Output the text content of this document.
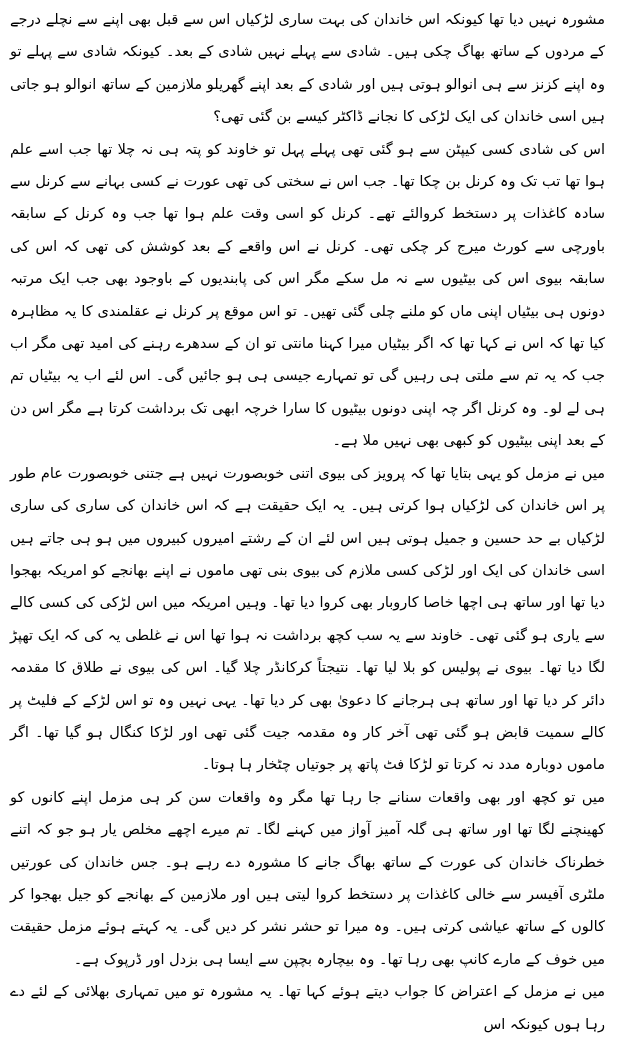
مشورہ نہیں دیا تھا کیونکہ اس خاندان کی بہت ساری لڑکیاں اس سے قبل بھی اپنے سے نچلے درجے کے مردوں کے ساتھ بھاگ چکی ہیں۔ شادی سے پہلے نہیں شادی کے بعد۔ کیونکہ شادی سے پہلے تو وہ اپنے کزنز سے ہی انوالو ہوتی ہیں اور شادی کے بعد اپنے گھریلو ملازمین کے ساتھ انوالو ہو جاتی ہیں اسی خاندان کی ایک لڑکی کا نجانے ڈاکٹر کیسے بن گئی تھی؟

اس کی شادی کسی کیپٹن سے ہو گئی تھی پہلے پہل تو خاوند کو پتہ ہی نہ چلا تھا جب اسے علم ہوا تھا تب تک وہ کرنل بن چکا تھا۔ جب اس نے سختی کی تھی عورت نے کسی بہانے سے کرنل سے سادہ کاغذات پر دستخط کروالئے تھے۔ کرنل کو اسی وقت علم ہوا تھا جب وہ کرنل کے سابقہ باورچی سے کورٹ میرج کر چکی تھی۔ کرنل نے اس واقعے کے بعد کوشش کی تھی کہ اس کی سابقہ بیوی اس کی بیٹیوں سے نہ مل سکے مگر اس کی پابندیوں کے باوجود بھی جب ایک مرتبہ دونوں ہی بیٹیاں اپنی ماں کو ملنے چلی گئی تھیں۔ تو اس موقع پر کرنل نے عقلمندی کا یہ مظاہرہ کیا تھا کہ اس نے کہا تھا کہ اگر بیٹیاں میرا کہنا مانتی تو ان کے سدھرے رہنے کی امید تھی مگر اب جب کہ یہ تم سے ملتی ہی رہیں گی تو تمہارے جیسی ہی ہو جائیں گی۔ اس لئے اب یہ بیٹیاں تم ہی لے لو۔ وہ کرنل اگر چہ اپنی دونوں بیٹیوں کا سارا خرچہ ابھی تک برداشت کرتا ہے مگر اس دن کے بعد اپنی بیٹیوں کو کبھی بھی نہیں ملا ہے۔

میں نے مزمل کو یہی بتایا تھا کہ پرویز کی بیوی اتنی خوبصورت نہیں ہے جتنی خوبصورت عام طور پر اس خاندان کی لڑکیاں ہوا کرتی ہیں۔ یہ ایک حقیقت ہے کہ اس خاندان کی ساری کی ساری لڑکیاں بے حد حسین و جمیل ہوتی ہیں اس لئے ان کے رشتے امیروں کبیروں میں ہو ہی جاتے ہیں اسی خاندان کی ایک اور لڑکی کسی ملازم کی بیوی بنی تھی ماموں نے اپنے بھانجے کو امریکہ بھجوا دیا تھا اور ساتھ ہی اچھا خاصا کاروبار بھی کروا دیا تھا۔ وہیں امریکہ میں اس لڑکی کی کسی کالے سے یاری ہو گئی تھی۔ خاوند سے یہ سب کچھ برداشت نہ ہوا تھا اس نے غلطی یہ کی کہ ایک تھپڑ لگا دیا تھا۔ بیوی نے پولیس کو بلا لیا تھا۔ نتیجتاً کرکانڈر چلا گیا۔ اس کی بیوی نے طلاق کا مقدمہ دائر کر دیا تھا اور ساتھ ہی ہرجانے کا دعویٰ بھی کر دیا تھا۔ یہی نہیں وہ تو اس لڑکے کے فلیٹ پر کالے سمیت قابض ہو گئی تھی آخر کار وہ مقدمہ جیت گئی تھی اور لڑکا کنگال ہو گیا تھا۔ اگر ماموں دوبارہ مدد نہ کرتا تو لڑکا فٹ پاتھ پر جوتیاں چٹخار ہا ہوتا۔

میں تو کچھ اور بھی واقعات سنانے جا رہا تھا مگر وہ واقعات سن کر ہی مزمل اپنے کانوں کو کھینچنے لگا تھا اور ساتھ ہی گلہ آمیز آواز میں کہنے لگا۔ تم میرے اچھے مخلص یار ہو جو کہ اتنے خطرناک خاندان کی عورت کے ساتھ بھاگ جانے کا مشورہ دے رہے ہو۔ جس خاندان کی عورتیں ملٹری آفیسر سے خالی کاغذات پر دستخط کروا لیتی ہیں اور ملازمین کے بھانجے کو جیل بھجوا کر کالوں کے ساتھ عیاشی کرتی ہیں۔ وہ میرا تو حشر نشر کر دیں گی۔ یہ کہتے ہوئے مزمل حقیقت میں خوف کے مارے کانپ بھی رہا تھا۔ وہ بیچارہ بچپن سے ایسا ہی بزدل اور ڈرپوک ہے۔

میں نے مزمل کے اعتراض کا جواب دیتے ہوئے کہا تھا۔ یہ مشورہ تو میں تمہاری بھلائی کے لئے دے رہا ہوں کیونکہ اس
